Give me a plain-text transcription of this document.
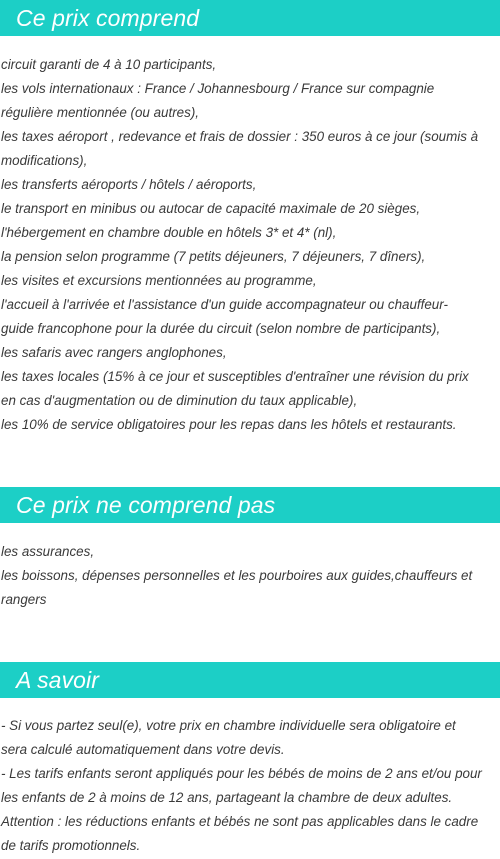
Ce prix comprend
circuit garanti de 4 à 10 participants,
les vols internationaux : France / Johannesbourg / France sur compagnie
régulière mentionnée (ou autres),
les taxes aéroport , redevance et frais de dossier : 350 euros à ce jour (soumis à
modifications),
les transferts aéroports / hôtels / aéroports,
le transport en minibus ou autocar de capacité maximale de 20 sièges,
l'hébergement en chambre double en hôtels 3* et 4* (nl),
la pension selon programme (7 petits déjeuners, 7 déjeuners, 7 dîners),
les visites et excursions mentionnées au programme,
l'accueil à l'arrivée et l'assistance d'un guide accompagnateur ou chauffeur-
guide francophone pour la durée du circuit (selon nombre de participants),
les safaris avec rangers anglophones,
les taxes locales (15% à ce jour et susceptibles d'entraîner une révision du prix
en cas d'augmentation ou de diminution du taux applicable),
les 10% de service obligatoires pour les repas dans les hôtels et restaurants.
Ce prix ne comprend pas
les assurances,
les boissons, dépenses personnelles et les pourboires aux guides,chauffeurs et
rangers
A savoir
- Si vous partez seul(e), votre prix en chambre individuelle sera obligatoire et
sera calculé automatiquement dans votre devis.
- Les tarifs enfants seront appliqués pour les bébés de moins de 2 ans et/ou pour
les enfants de 2 à moins de 12 ans, partageant la chambre de deux adultes.
Attention : les réductions enfants et bébés ne sont pas applicables dans le cadre
de tarifs promotionnels.
